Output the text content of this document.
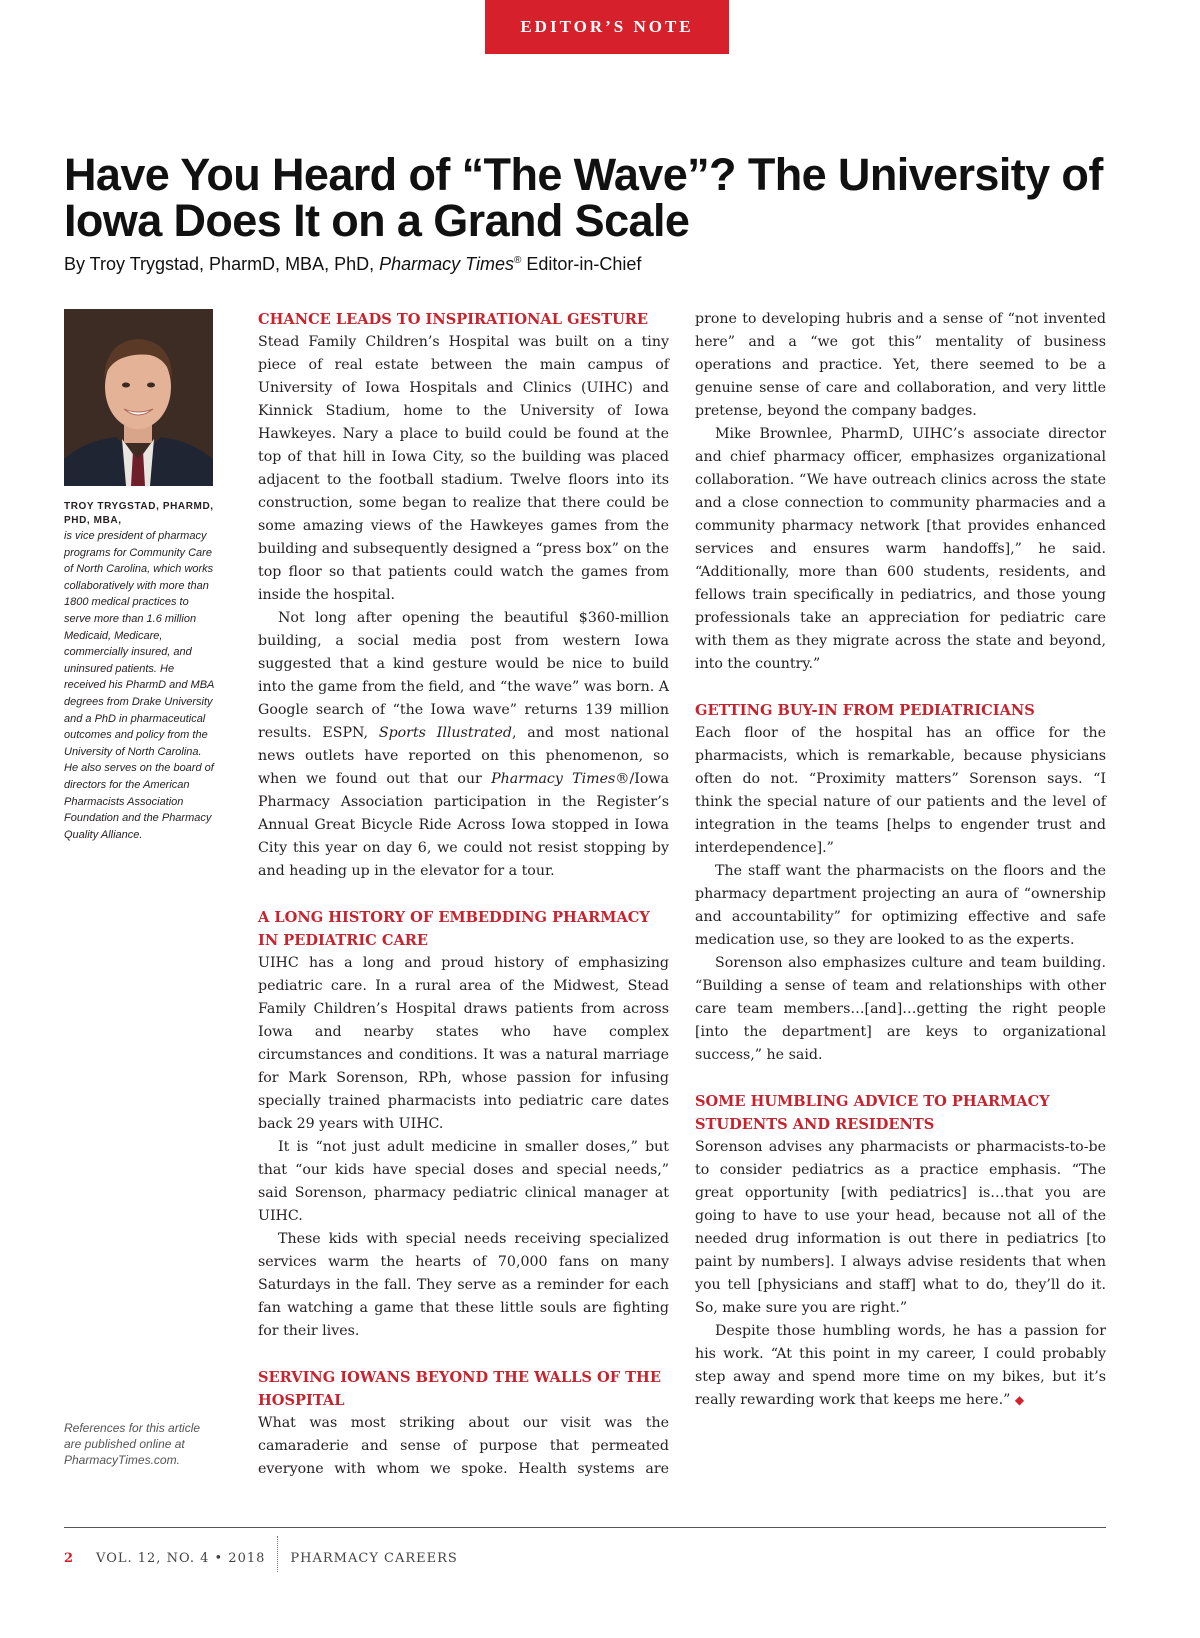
EDITOR’S NOTE
Have You Heard of “The Wave”? The University of Iowa Does It on a Grand Scale

By Troy Trygstad, PharmD, MBA, PhD, Pharmacy Times® Editor-in-Chief

TROY TRYGSTAD, PHARMD, PHD, MBA,
is vice president of pharmacy programs for Community Care of North Carolina, which works collaboratively with more than 1800 medical practices to serve more than 1.6 million Medicaid, Medicare, commercially insured, and uninsured patients. He received his PharmD and MBA degrees from Drake University and a PhD in pharmaceutical outcomes and policy from the University of North Carolina. He also serves on the board of directors for the American Pharmacists Association Foundation and the Pharmacy Quality Alliance.

References for this article are published online at PharmacyTimes.com.

CHANCE LEADS TO INSPIRATIONAL GESTURE

Stead Family Children’s Hospital was built on a tiny piece of real estate between the main campus of University of Iowa Hospitals and Clinics (UIHC) and Kinnick Stadium, home to the University of Iowa Hawkeyes. Nary a place to build could be found at the top of that hill in Iowa City, so the building was placed adjacent to the football stadium. Twelve floors into its construction, some began to realize that there could be some amazing views of the Hawkeyes games from the building and subsequently designed a “press box” on the top floor so that patients could watch the games from inside the hospital.

Not long after opening the beautiful $360-million building, a social media post from western Iowa suggested that a kind gesture would be nice to build into the game from the field, and “the wave” was born. A Google search of “the Iowa wave” returns 139 million results. ESPN, Sports Illustrated, and most national news outlets have reported on this phenomenon, so when we found out that our Pharmacy Times®/Iowa Pharmacy Association participation in the Register’s Annual Great Bicycle Ride Across Iowa stopped in Iowa City this year on day 6, we could not resist stopping by and heading up in the elevator for a tour.

A LONG HISTORY OF EMBEDDING PHARMACY IN PEDIATRIC CARE

UIHC has a long and proud history of emphasizing pediatric care. In a rural area of the Midwest, Stead Family Children’s Hospital draws patients from across Iowa and nearby states who have complex circumstances and conditions. It was a natural marriage for Mark Sorenson, RPh, whose passion for infusing specially trained pharmacists into pediatric care dates back 29 years with UIHC.

It is “not just adult medicine in smaller doses,” but that “our kids have special doses and special needs,” said Sorenson, pharmacy pediatric clinical manager at UIHC.

These kids with special needs receiving specialized services warm the hearts of 70,000 fans on many Saturdays in the fall. They serve as a reminder for each fan watching a game that these little souls are fighting for their lives.

SERVING IOWANS BEYOND THE WALLS OF THE HOSPITAL

What was most striking about our visit was the camaraderie and sense of purpose that permeated everyone with whom we spoke. Health systems are

prone to developing hubris and a sense of “not invented here” and a “we got this” mentality of business operations and practice. Yet, there seemed to be a genuine sense of care and collaboration, and very little pretense, beyond the company badges.

Mike Brownlee, PharmD, UIHC’s associate director and chief pharmacy officer, emphasizes organizational collaboration. “We have outreach clinics across the state and a close connection to community pharmacies and a community pharmacy network [that provides enhanced services and ensures warm handoffs],” he said. “Additionally, more than 600 students, residents, and fellows train specifically in pediatrics, and those young professionals take an appreciation for pediatric care with them as they migrate across the state and beyond, into the country.”

GETTING BUY-IN FROM PEDIATRICIANS

Each floor of the hospital has an office for the pharmacists, which is remarkable, because physicians often do not. “Proximity matters” Sorenson says. “I think the special nature of our patients and the level of integration in the teams [helps to engender trust and interdependence].”

The staff want the pharmacists on the floors and the pharmacy department projecting an aura of “ownership and accountability” for optimizing effective and safe medication use, so they are looked to as the experts.

Sorenson also emphasizes culture and team building. “Building a sense of team and relationships with other care team members…[and]…getting the right people [into the department] are keys to organizational success,” he said.

SOME HUMBLING ADVICE TO PHARMACY STUDENTS AND RESIDENTS

Sorenson advises any pharmacists or pharmacists-to-be to consider pediatrics as a practice emphasis. “The great opportunity [with pediatrics] is…that you are going to have to use your head, because not all of the needed drug information is out there in pediatrics [to paint by numbers]. I always advise residents that when you tell [physicians and staff] what to do, they’ll do it. So, make sure you are right.”

Despite those humbling words, he has a passion for his work. “At this point in my career, I could probably step away and spend more time on my bikes, but it’s really rewarding work that keeps me here.” ◆

2 VOL. 12, NO. 4 • 2018 PHARMACY CAREERS
